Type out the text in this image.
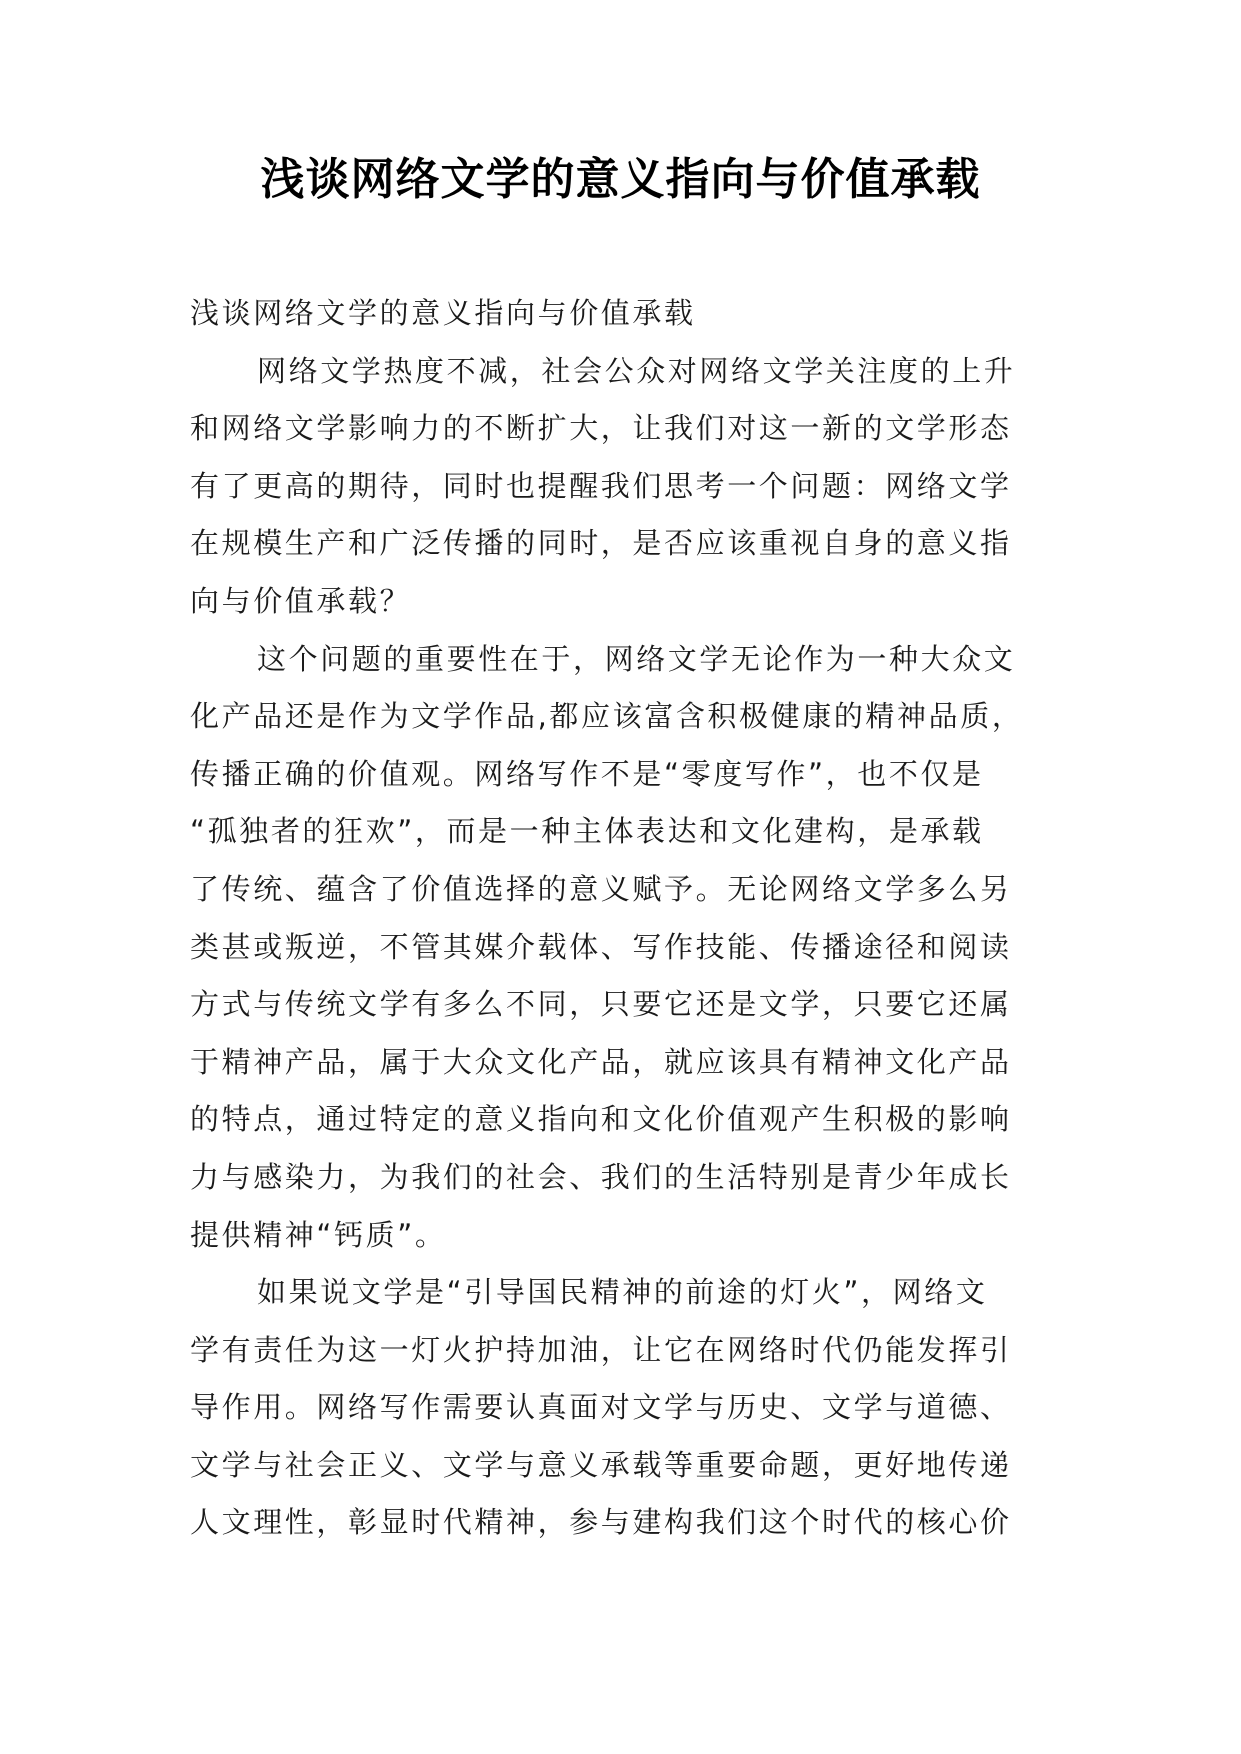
浅谈网络文学的意义指向与价值承载
浅谈网络文学的意义指向与价值承载
网络文学热度不减，社会公众对网络文学关注度的上升
和网络文学影响力的不断扩大，让我们对这一新的文学形态
有了更高的期待，同时也提醒我们思考一个问题：网络文学
在规模生产和广泛传播的同时，是否应该重视自身的意义指
向与价值承载？
这个问题的重要性在于，网络文学无论作为一种大众文
化产品还是作为文学作品,都应该富含积极健康的精神品质，
传播正确的价值观。网络写作不是“零度写作”，也不仅是
“孤独者的狂欢”，而是一种主体表达和文化建构，是承载
了传统、蕴含了价值选择的意义赋予。无论网络文学多么另
类甚或叛逆，不管其媒介载体、写作技能、传播途径和阅读
方式与传统文学有多么不同，只要它还是文学，只要它还属
于精神产品，属于大众文化产品，就应该具有精神文化产品
的特点，通过特定的意义指向和文化价值观产生积极的影响
力与感染力，为我们的社会、我们的生活特别是青少年成长
提供精神“钙质”。
如果说文学是“引导国民精神的前途的灯火”，网络文
学有责任为这一灯火护持加油，让它在网络时代仍能发挥引
导作用。网络写作需要认真面对文学与历史、文学与道德、
文学与社会正义、文学与意义承载等重要命题，更好地传递
人文理性，彰显时代精神，参与建构我们这个时代的核心价
